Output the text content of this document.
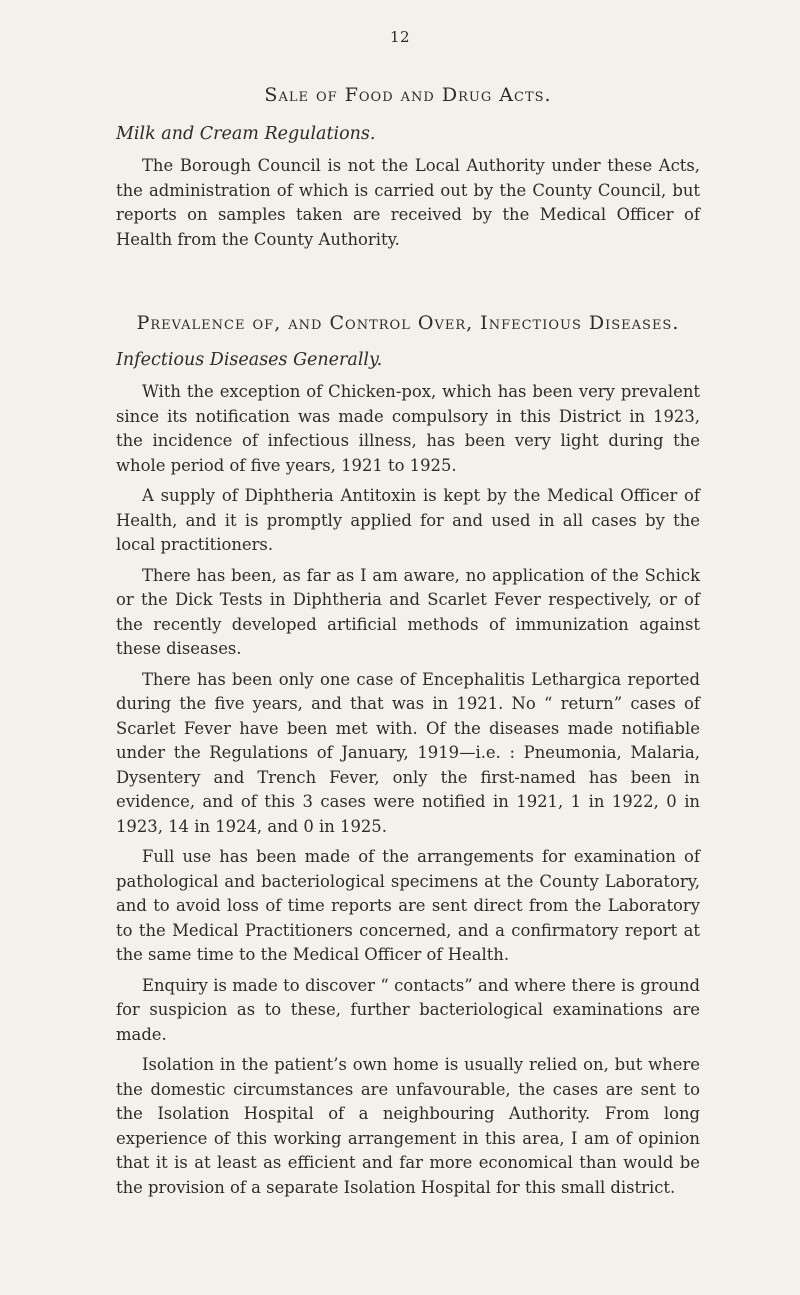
12
Sale of Food and Drug Acts.
Milk and Cream Regulations.

The Borough Council is not the Local Authority under these Acts, the administration of which is carried out by the County Council, but reports on samples taken are received by the Medical Officer of Health from the County Authority.

Prevalence of, and Control Over, Infectious Diseases.
Infectious Diseases Generally.

With the exception of Chicken-pox, which has been very prevalent since its notification was made compulsory in this District in 1923, the incidence of infectious illness, has been very light during the whole period of five years, 1921 to 1925.

A supply of Diphtheria Antitoxin is kept by the Medical Officer of Health, and it is promptly applied for and used in all cases by the local practitioners.

There has been, as far as I am aware, no application of the Schick or the Dick Tests in Diphtheria and Scarlet Fever respectively, or of the recently developed artificial methods of immunization against these diseases.

There has been only one case of Encephalitis Lethargica reported during the five years, and that was in 1921. No “ return” cases of Scarlet Fever have been met with. Of the diseases made notifiable under the Regulations of January, 1919—i.e. : Pneumonia, Malaria, Dysentery and Trench Fever, only the first-named has been in evidence, and of this 3 cases were notified in 1921, 1 in 1922, 0 in 1923, 14 in 1924, and 0 in 1925.

Full use has been made of the arrangements for examination of pathological and bacteriological specimens at the County Laboratory, and to avoid loss of time reports are sent direct from the Laboratory to the Medical Practitioners concerned, and a confirmatory report at the same time to the Medical Officer of Health.

Enquiry is made to discover “ contacts” and where there is ground for suspicion as to these, further bacteriological examinations are made.

Isolation in the patient’s own home is usually relied on, but where the domestic circumstances are unfavourable, the cases are sent to the Isolation Hospital of a neighbouring Authority. From long experience of this working arrangement in this area, I am of opinion that it is at least as efficient and far more economical than would be the provision of a separate Isolation Hospital for this small district.
